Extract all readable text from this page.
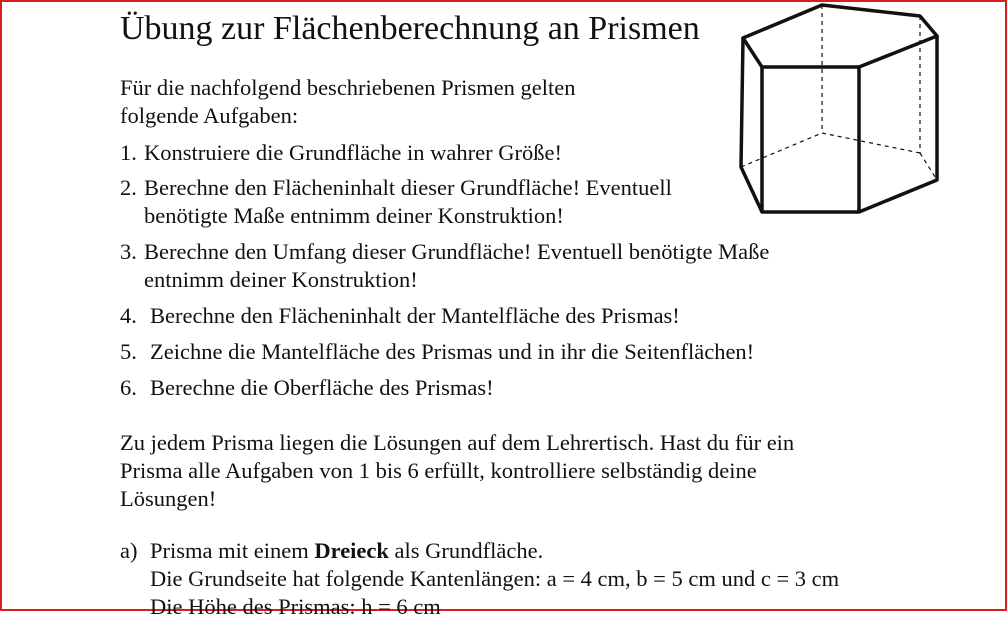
Übung zur Flächenberechnung an Prismen
Für die nachfolgend beschriebenen Prismen gelten
folgende Aufgaben:
1. Konstruiere die Grundfläche in wahrer Größe!
2. Berechne den Flächeninhalt dieser Grundfläche! Eventuell
benötigte Maße entnimm deiner Konstruktion!
3. Berechne den Umfang dieser Grundfläche! Eventuell benötigte Maße
entnimm deiner Konstruktion!
4. Berechne den Flächeninhalt der Mantelfläche des Prismas!
5. Zeichne die Mantelfläche des Prismas und in ihr die Seitenflächen!
6. Berechne die Oberfläche des Prismas!
Zu jedem Prisma liegen die Lösungen auf dem Lehrertisch. Hast du für ein
Prisma alle Aufgaben von 1 bis 6 erfüllt, kontrolliere selbständig deine
Lösungen!
a) Prisma mit einem Dreieck als Grundfläche.
Die Grundseite hat folgende Kantenlängen: a = 4 cm, b = 5 cm und c = 3 cm
Die Höhe des Prismas: h = 6 cm
